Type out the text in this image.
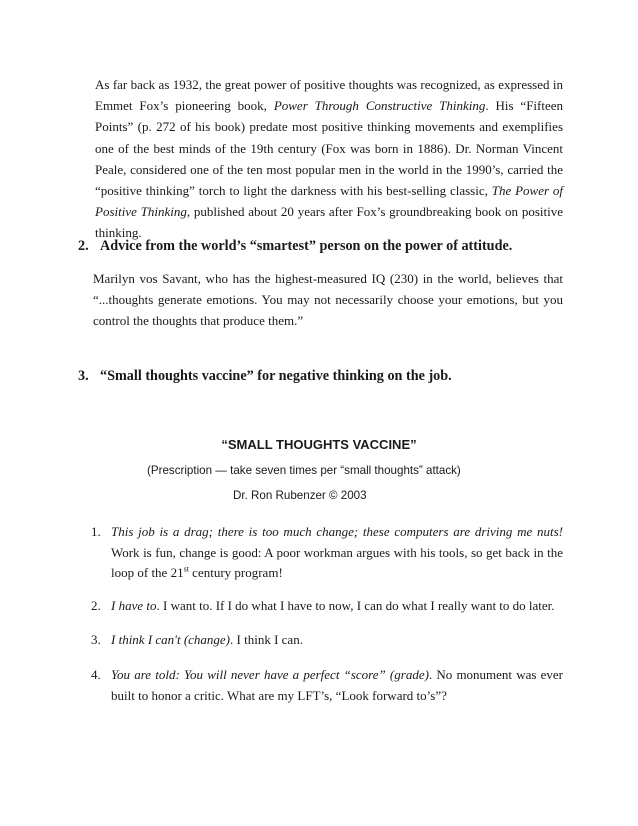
As far back as 1932, the great power of positive thoughts was recognized, as expressed in Emmet Fox’s pioneering book, Power Through Constructive Thinking. His “Fifteen Points” (p. 272 of his book) predate most positive thinking movements and exemplifies one of the best minds of the 19th century (Fox was born in 1886). Dr. Norman Vincent Peale, considered one of the ten most popular men in the world in the 1990’s, carried the “positive thinking” torch to light the darkness with his best-selling classic, The Power of Positive Thinking, published about 20 years after Fox’s groundbreaking book on positive thinking.
2. Advice from the world’s “smartest” person on the power of attitude.
Marilyn vos Savant, who has the highest-measured IQ (230) in the world, believes that “...thoughts generate emotions. You may not necessarily choose your emotions, but you control the thoughts that produce them.”
3. “Small thoughts vaccine” for negative thinking on the job.
“SMALL THOUGHTS VACCINE”
(Prescription — take seven times per “small thoughts” attack)
Dr. Ron Rubenzer © 2003
1. This job is a drag; there is too much change; these computers are driving me nuts! Work is fun, change is good: A poor workman argues with his tools, so get back in the loop of the 21st century program!
2. I have to. I want to. If I do what I have to now, I can do what I really want to do later.
3. I think I can't (change). I think I can.
4. You are told: You will never have a perfect “score” (grade). No monument was ever built to honor a critic. What are my LFT’s, “Look forward to’s”?
